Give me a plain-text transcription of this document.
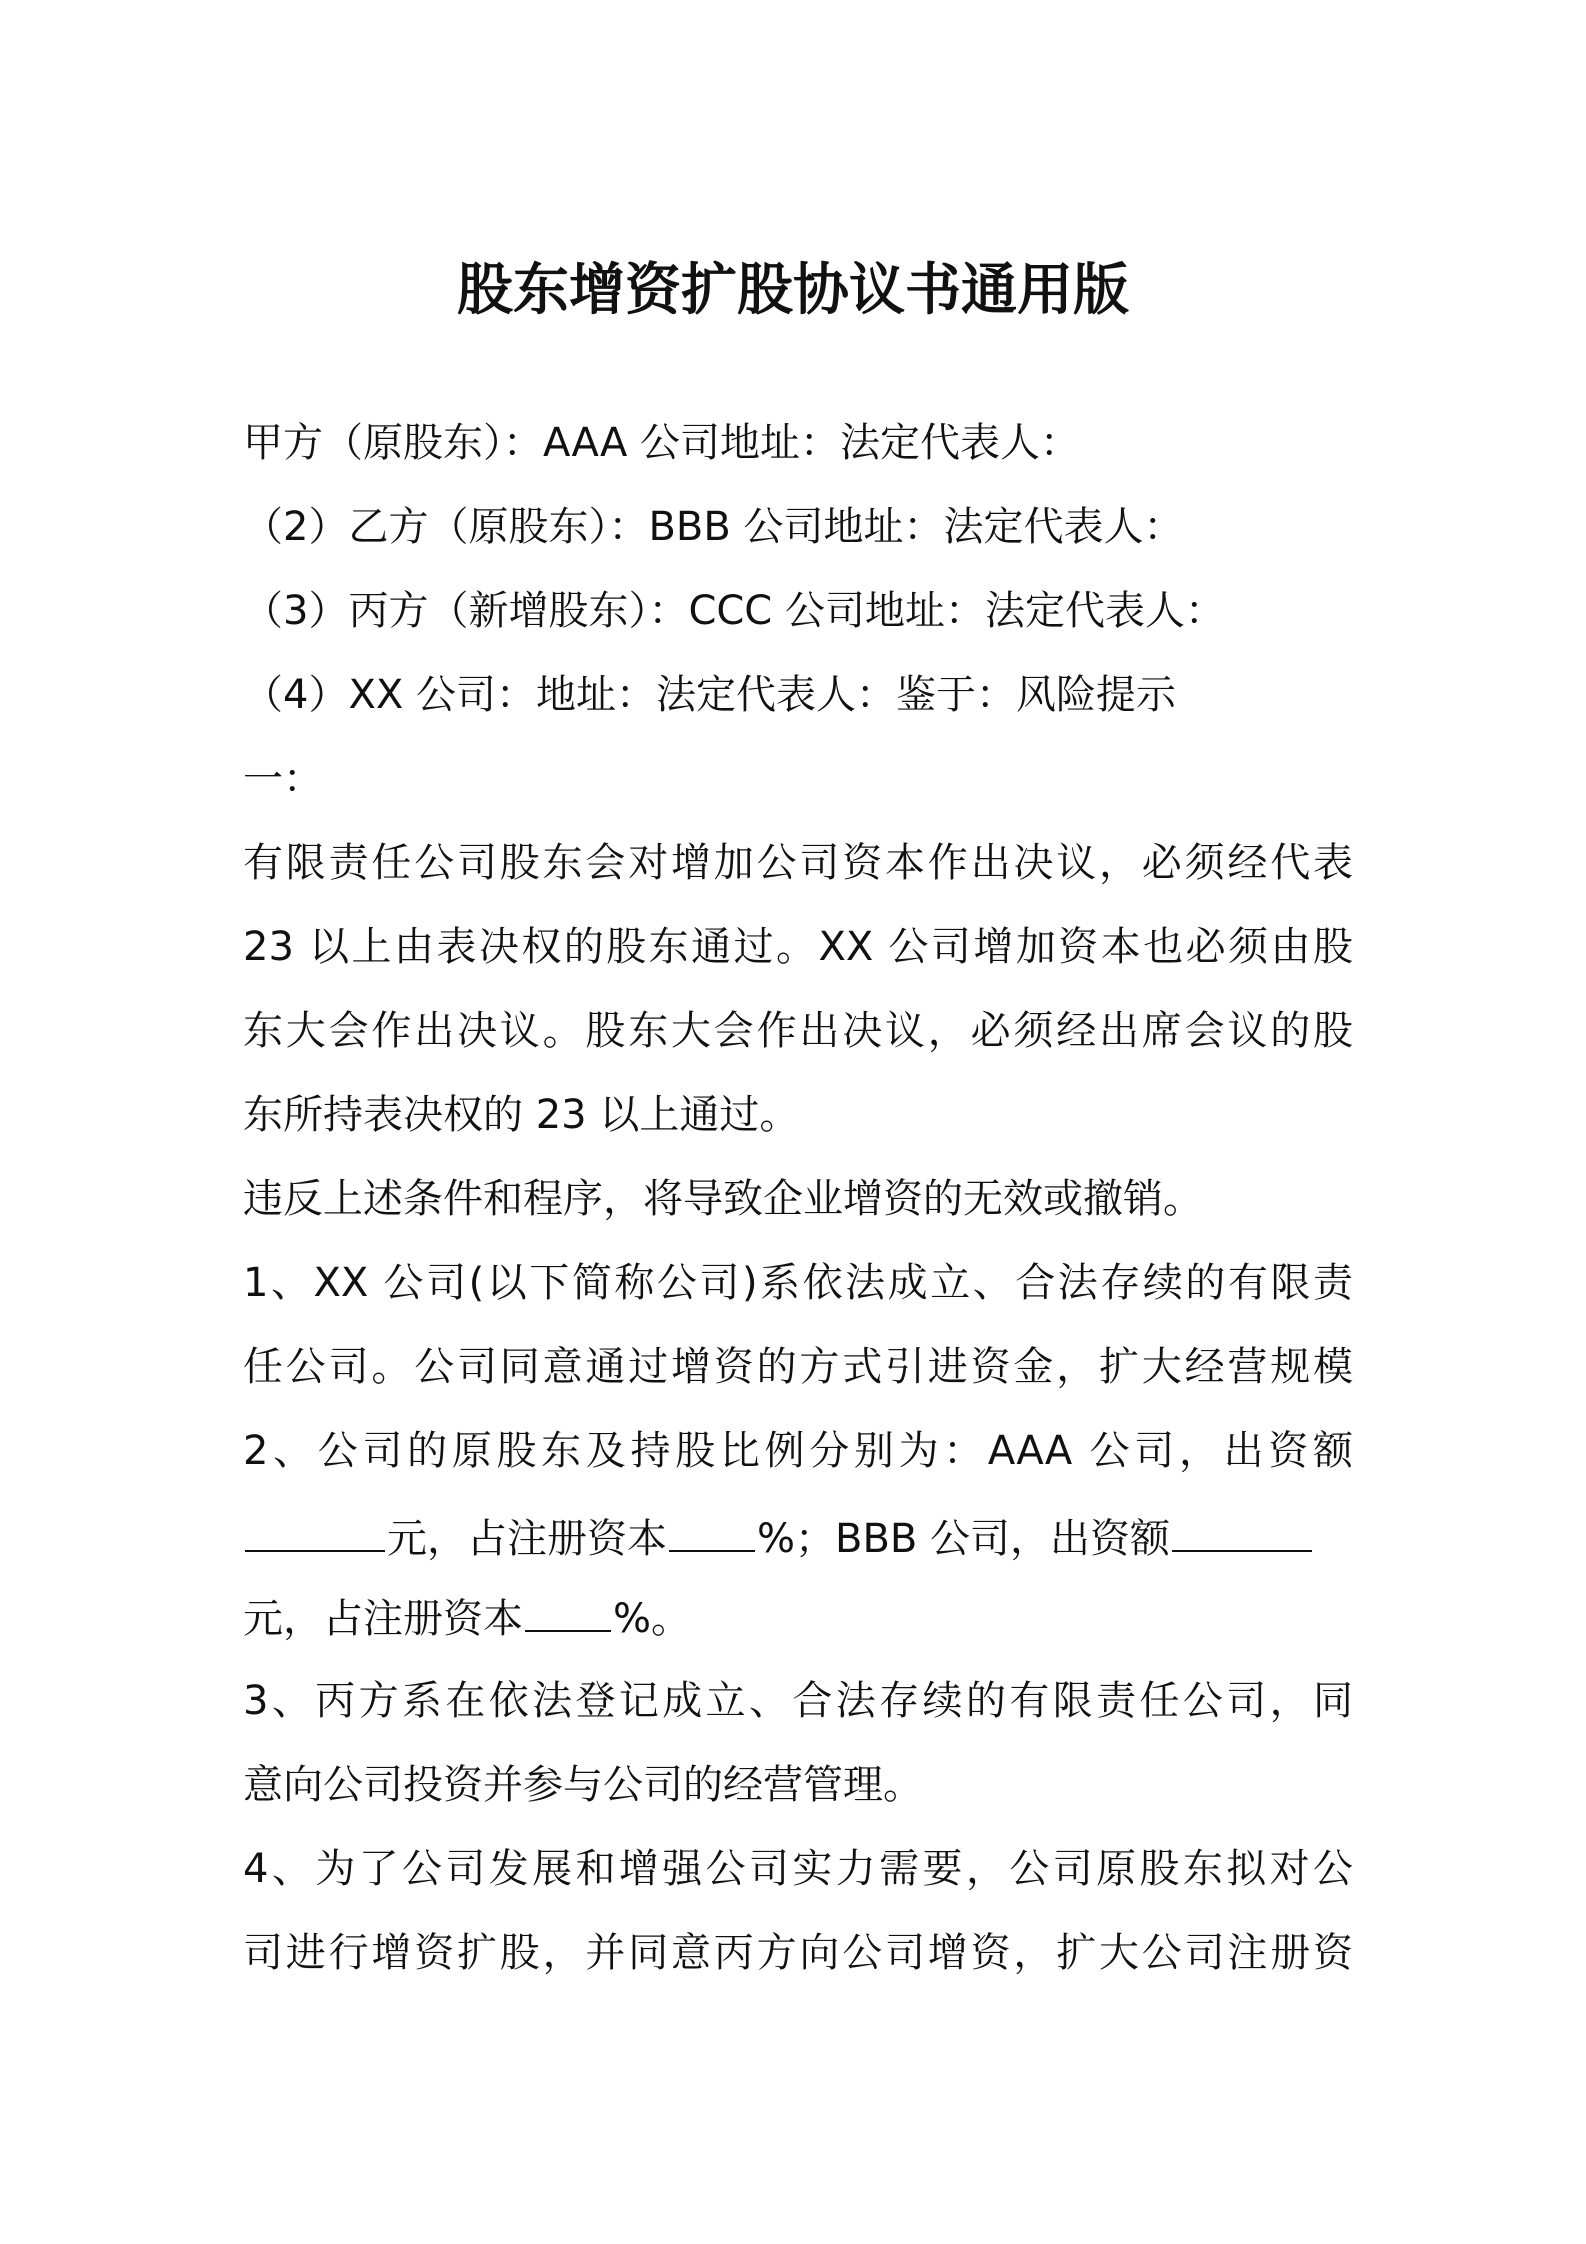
股东增资扩股协议书通用版
甲方（原股东）：AAA 公司地址：法定代表人：
（2）乙方（原股东）：BBB 公司地址：法定代表人：
（3）丙方（新增股东）：CCC 公司地址：法定代表人：
（4）XX 公司：地址：法定代表人：鉴于：风险提示
一：
有限责任公司股东会对增加公司资本作出决议，必须经代表
23 以上由表决权的股东通过。XX 公司增加资本也必须由股
东大会作出决议。股东大会作出决议，必须经出席会议的股
东所持表决权的 23 以上通过。
违反上述条件和程序，将导致企业增资的无效或撤销。
1、XX 公司(以下简称公司)系依法成立、合法存续的有限责
任公司。公司同意通过增资的方式引进资金，扩大经营规模
2、公司的原股东及持股比例分别为：AAA 公司，出资额
元，占注册资本 %；BBB 公司，出资额
元，占注册资本 %。
3、丙方系在依法登记成立、合法存续的有限责任公司，同
意向公司投资并参与公司的经营管理。
4、为了公司发展和增强公司实力需要，公司原股东拟对公
司进行增资扩股，并同意丙方向公司增资，扩大公司注册资
